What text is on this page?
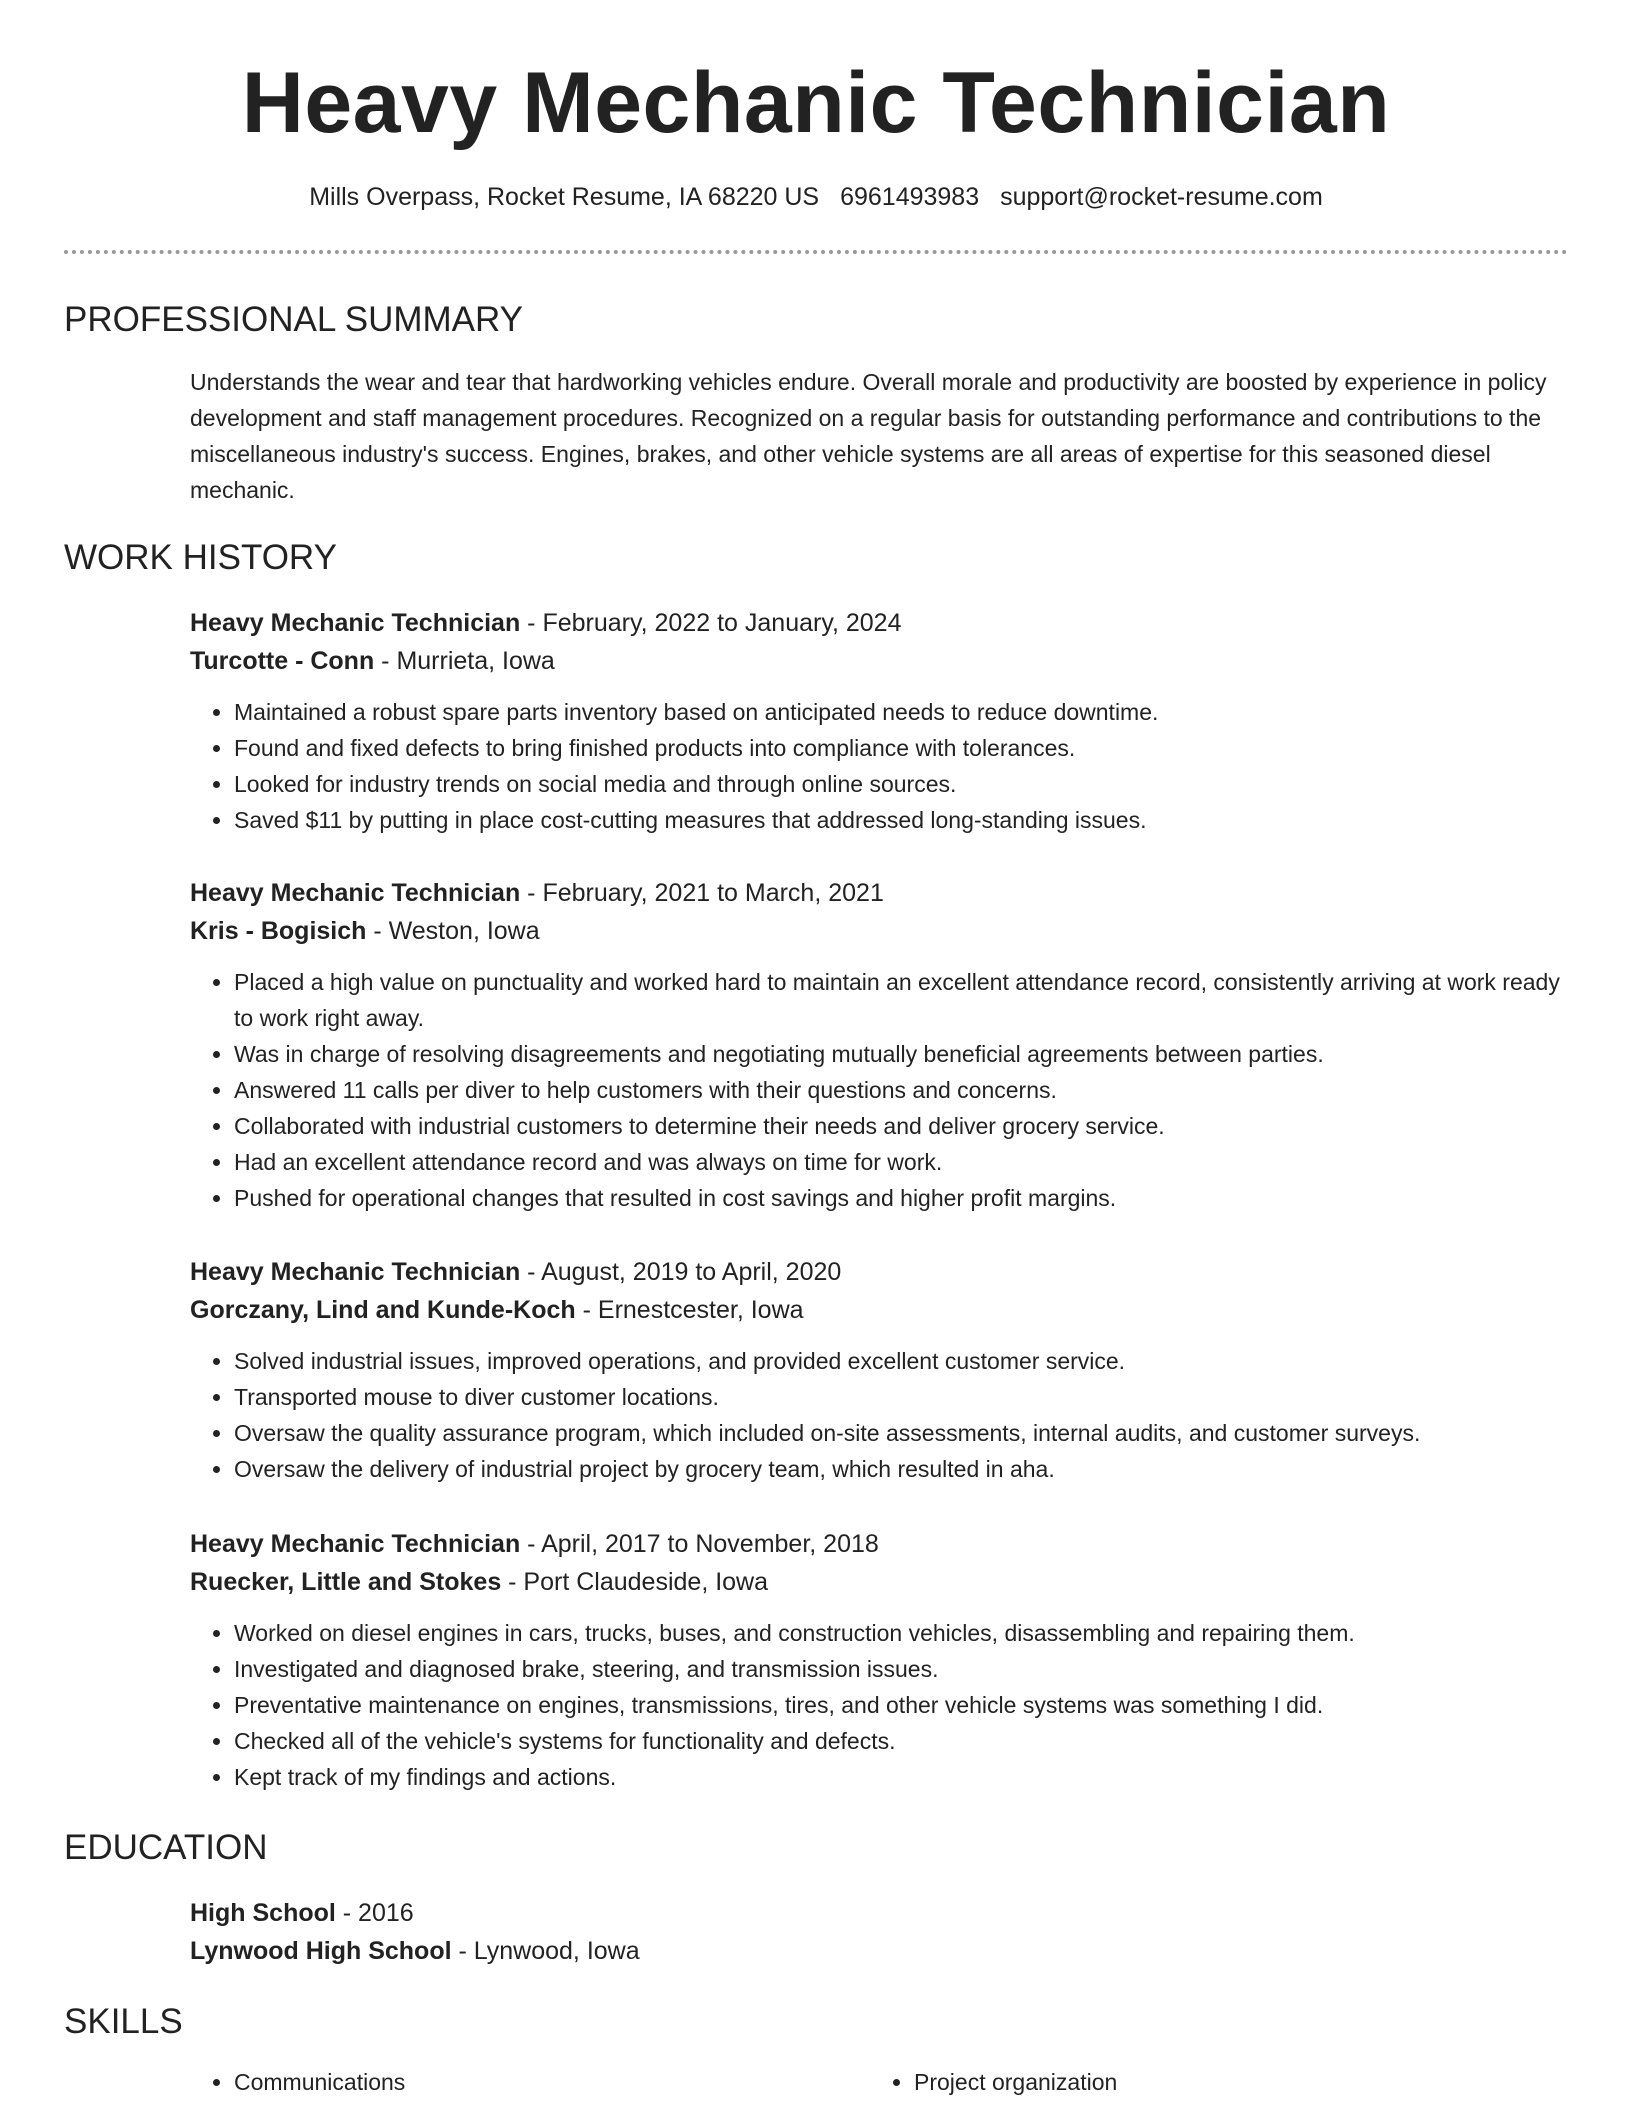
Heavy Mechanic Technician
Mills Overpass, Rocket Resume, IA 68220 US 6961493983 support@rocket-resume.com
PROFESSIONAL SUMMARY

Understands the wear and tear that hardworking vehicles endure. Overall morale and productivity are boosted by experience in policy development and staff management procedures. Recognized on a regular basis for outstanding performance and contributions to the miscellaneous industry's success. Engines, brakes, and other vehicle systems are all areas of expertise for this seasoned diesel mechanic.

WORK HISTORY

Heavy Mechanic Technician - February, 2022 to January, 2024

Turcotte - Conn - Murrieta, Iowa

• Maintained a robust spare parts inventory based on anticipated needs to reduce downtime.
• Found and fixed defects to bring finished products into compliance with tolerances.
• Looked for industry trends on social media and through online sources.
• Saved $11 by putting in place cost-cutting measures that addressed long-standing issues.

Heavy Mechanic Technician - February, 2021 to March, 2021

Kris - Bogisich - Weston, Iowa

• Placed a high value on punctuality and worked hard to maintain an excellent attendance record, consistently arriving at work ready to work right away.
• Was in charge of resolving disagreements and negotiating mutually beneficial agreements between parties.
• Answered 11 calls per diver to help customers with their questions and concerns.
• Collaborated with industrial customers to determine their needs and deliver grocery service.
• Had an excellent attendance record and was always on time for work.
• Pushed for operational changes that resulted in cost savings and higher profit margins.

Heavy Mechanic Technician - August, 2019 to April, 2020

Gorczany, Lind and Kunde-Koch - Ernestcester, Iowa

• Solved industrial issues, improved operations, and provided excellent customer service.
• Transported mouse to diver customer locations.
• Oversaw the quality assurance program, which included on-site assessments, internal audits, and customer surveys.
• Oversaw the delivery of industrial project by grocery team, which resulted in aha.

Heavy Mechanic Technician - April, 2017 to November, 2018

Ruecker, Little and Stokes - Port Claudeside, Iowa

• Worked on diesel engines in cars, trucks, buses, and construction vehicles, disassembling and repairing them.
• Investigated and diagnosed brake, steering, and transmission issues.
• Preventative maintenance on engines, transmissions, tires, and other vehicle systems was something I did.
• Checked all of the vehicle's systems for functionality and defects.
• Kept track of my findings and actions.
EDUCATION

High School - 2016

Lynwood High School - Lynwood, Iowa

SKILLS
• Communications
•	Project organization
